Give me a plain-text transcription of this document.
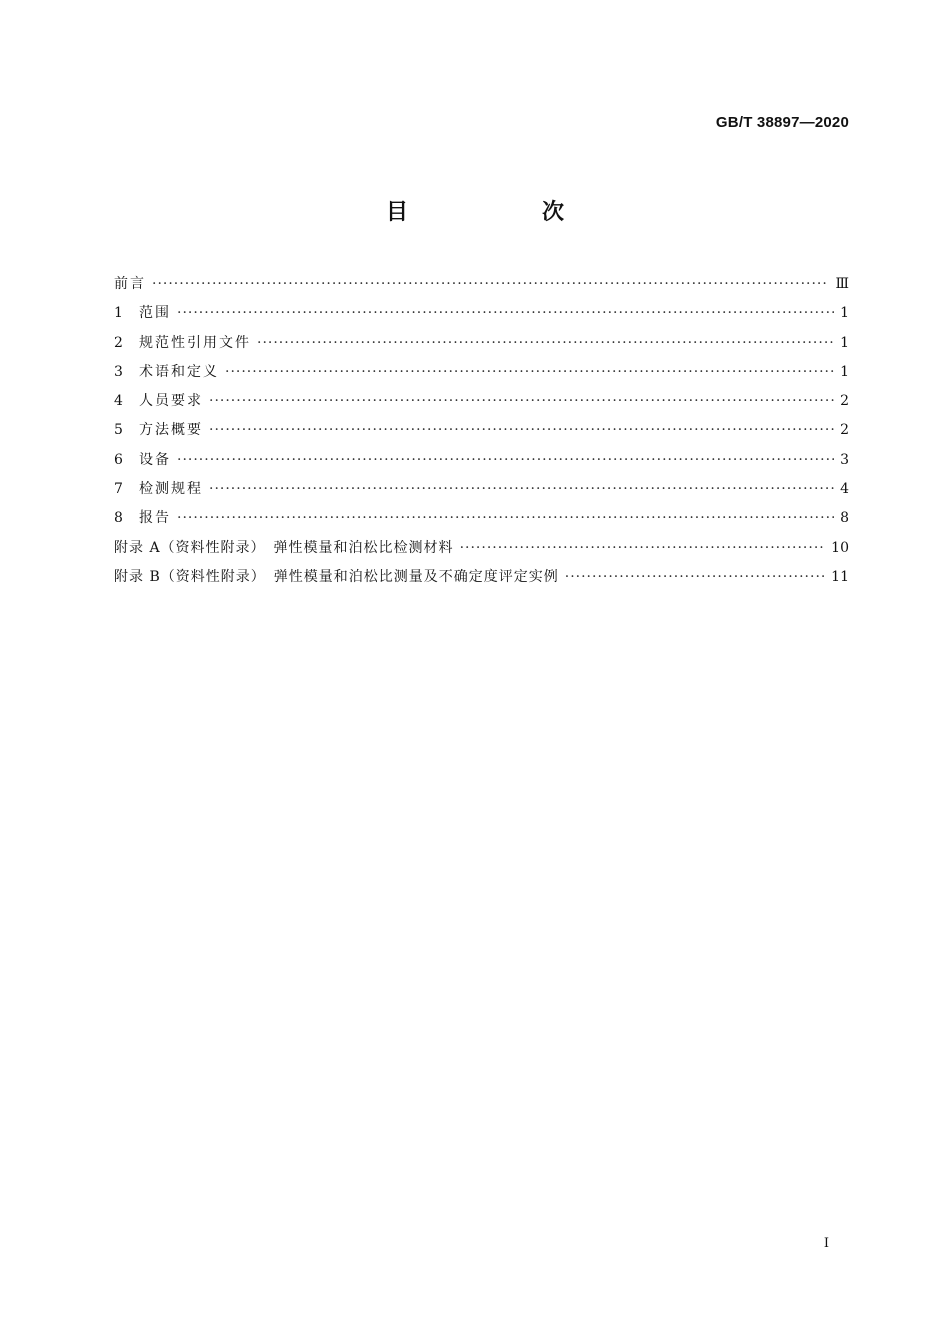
GB/T 38897—2020
目　次
前言 ·····	Ⅲ
1	范围 ·····	1
2	规范性引用文件 ·····	1
3	术语和定义 ·····	1
4	人员要求 ·····	2
5	方法概要 ·····	2
6	设备 ·····	3
7	检测规程 ·····	4
8	报告 ·····	8
附录 A（资料性附录）　弹性模量和泊松比检测材料 ·····	10
附录 B（资料性附录）　弹性模量和泊松比测量及不确定度评定实例 ·····	11
Ⅰ
